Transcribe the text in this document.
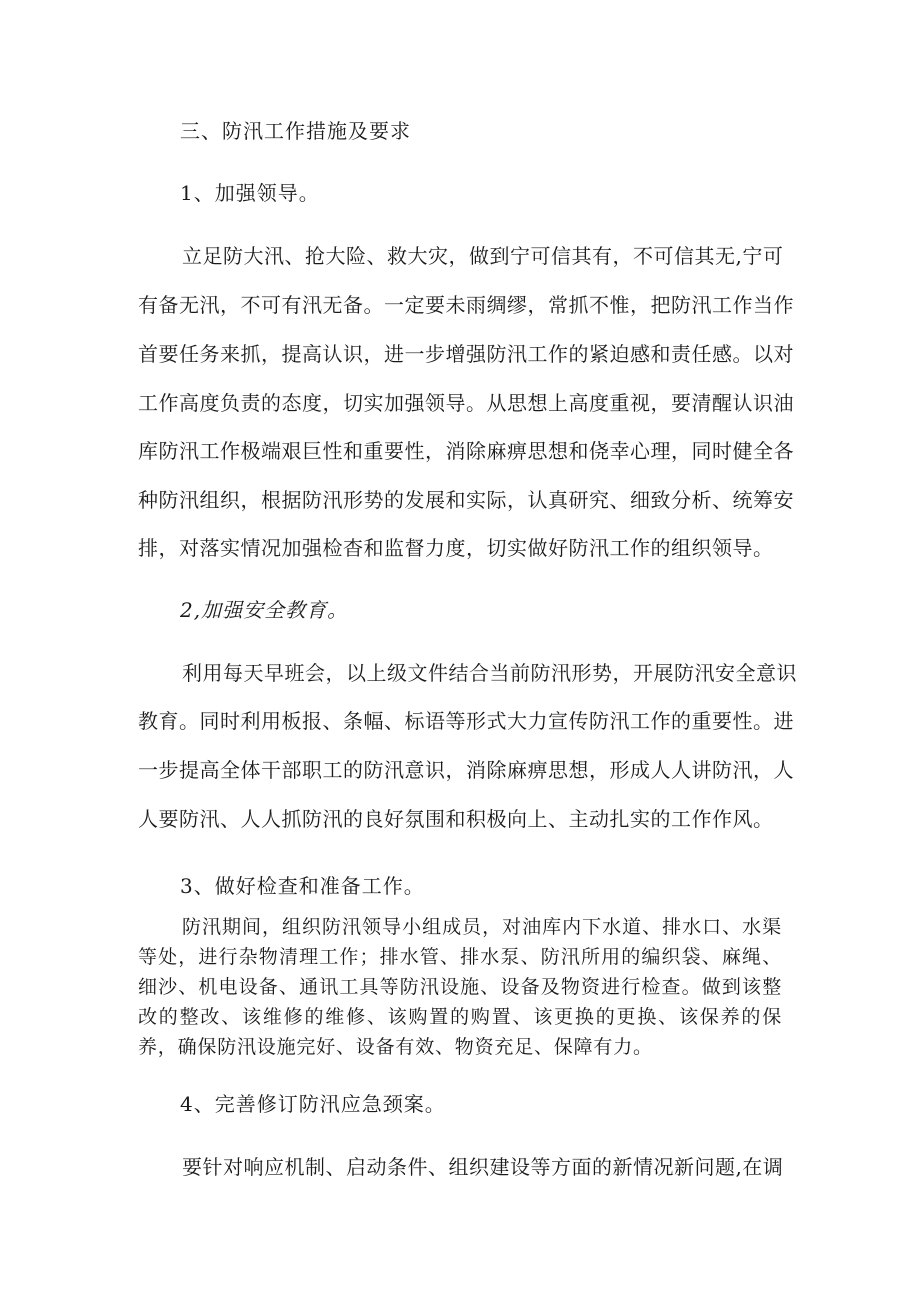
三、防汛工作措施及要求
1、加强领导。
立足防大汛、抢大险、救大灾，做到宁可信其有，不可信其无,宁可
有备无汛，不可有汛无备。一定要未雨绸缪，常抓不惟，把防汛工作当作
首要任务来抓，提高认识，进一步增强防汛工作的紧迫感和责任感。以对
工作高度负责的态度，切实加强领导。从思想上高度重视，要清醒认识油
库防汛工作极端艰巨性和重要性，消除麻痹思想和侥幸心理，同时健全各
种防汛组织，根据防汛形势的发展和实际，认真研究、细致分析、统筹安
排，对落实情况加强检杳和监督力度，切实做好防汛工作的组织领导。
2,加强安全教育。
利用每天早班会，以上级文件结合当前防汛形势，开展防汛安全意识
教育。同时利用板报、条幅、标语等形式大力宣传防汛工作的重要性。进
一步提高全体干部职工的防汛意识，消除麻痹思想，形成人人讲防汛，人
人要防汛、人人抓防汛的良好氛围和积极向上、主动扎实的工作作风。
3、做好检查和准备工作。
防汛期间，组织防汛领导小组成员，对油库内下水道、排水口、水渠
等处，进行杂物清理工作；排水管、排水泵、防汛所用的编织袋、麻绳、
细沙、机电设备、通讯工具等防汛设施、设备及物资进行检查。做到该整
改的整改、该维修的维修、该购置的购置、该更换的更换、该保养的保
养，确保防汛设施完好、设备有效、物资充足、保障有力。
4、完善修订防汛应急颈案。
要针对响应机制、启动条件、组织建设等方面的新情况新问题,在调
